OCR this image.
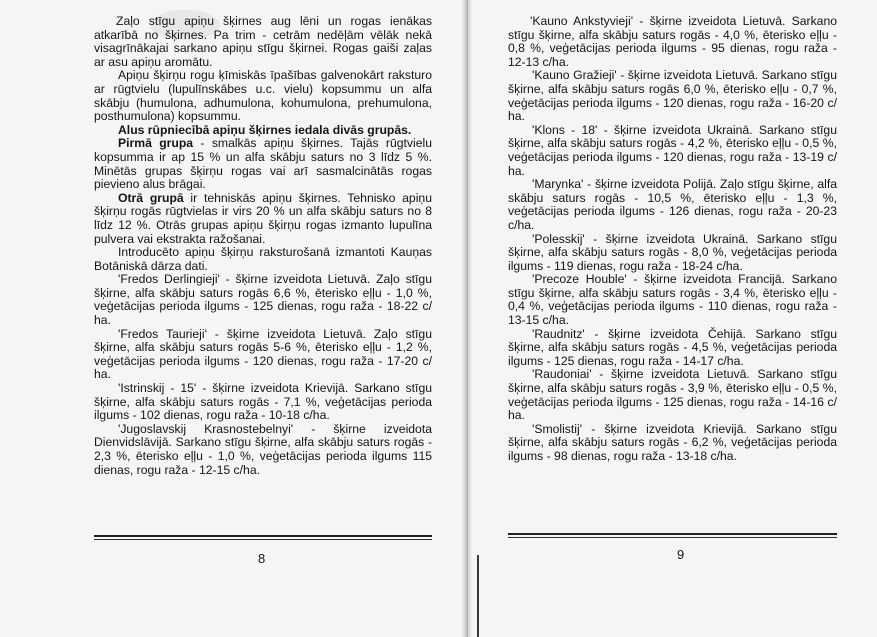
Zaļo stīgu apiņu šķirnes aug lēni un rogas ienākas atkarībā no šķirnes. Pa trim - cetrām nedēļām vēlāk nekā visagrīnākajai sarkano apiņu stīgu šķirnei. Rogas gaiši zaļas ar asu apiņu aromātu.

Apiņu šķirņu rogu ķīmiskās īpašības galvenokārt raksturo ar rūgtvielu (lupulīnskābes u.c. vielu) kopsummu un alfa skābju (humulona, adhumulona, kohumulona, prehumulona, posthumulona) kopsummu.

Alus rūpniecībā apiņu šķirnes iedala divās grupās.

Pirmā grupa - smalkās apiņu šķirnes. Tajās rūgtvielu kopsumma ir ap 15 % un alfa skābju saturs no 3 līdz 5 %. Minētās grupas šķirņu rogas vai arī sasmalcinātās rogas pievieno alus brāgai.

Otrā grupā ir tehniskās apiņu šķirnes. Tehnisko apiņu šķirņu rogās rūgtvielas ir virs 20 % un alfa skābju saturs no 8 līdz 12 %. Otrās grupas apiņu šķirņu rogas izmanto lupulīna pulvera vai ekstrakta ražošanai.

Introducēto apiņu šķirņu raksturošanā izmantoti Kauņas Botāniskā dārza dati.

'Fredos Derlingieji' - šķirne izveidota Lietuvā. Zaļo stīgu šķirne, alfa skābju saturs rogās 6,6 %, ēterisko eļļu - 1,0 %, veģetācijas perioda ilgums - 125 dienas, rogu raža - 18-22 c/ ha.

'Fredos Taurieji' - šķirne izveidota Lietuvā. Zaļo stīgu šķirne, alfa skābju saturs rogās 5-6 %, ēterisko eļļu - 1,2 %, veģetācijas perioda ilgums - 120 dienas, rogu raža - 17-20 c/ ha.

'Istrinskij - 15' - šķirne izveidota Krievijā. Sarkano stīgu šķirne, alfa skābju saturs rogās - 7,1 %, veģetācijas perioda ilgums - 102 dienas, rogu raža - 10-18 c/ha.

'Jugoslavskij Krasnostebelnyi' - šķirne izveidota Dienvidslāvijā. Sarkano stīgu šķirne, alfa skābju saturs rogās - 2,3 %, ēterisko eļļu - 1,0 %, veģetācijas perioda ilgums 115 dienas, rogu raža - 12-15 c/ha.

8

'Kauno Ankstyvieji' - šķirne izveidota Lietuvā. Sarkano stīgu šķirne, alfa skābju saturs rogās - 4,0 %, ēterisko eļļu - 0,8 %, veģetācijas perioda ilgums - 95 dienas, rogu raža - 12-13 c/ha.

'Kauno Gražieji' - šķirne izveidota Lietuvā. Sarkano stīgu šķirne, alfa skābju saturs rogās 6,0 %, ēterisko eļļu - 0,7 %, veģetācijas perioda ilgums - 120 dienas, rogu raža - 16-20 c/ ha.

'Klons - 18' - šķirne izveidota Ukrainā. Sarkano stīgu šķirne, alfa skābju saturs rogās - 4,2 %, ēterisko eļļu - 0,5 %, veģetācijas perioda ilgums - 120 dienas, rogu raža - 13-19 c/ ha.

'Marynka' - šķirne izveidota Polijā. Zaļo stīgu šķirne, alfa skābju saturs rogās - 10,5 %, ēterisko eļļu - 1,3 %, veģetācijas perioda ilgums - 126 dienas, rogu raža - 20-23 c/ha.

'Polesskij' - šķirne izveidota Ukrainā. Sarkano stīgu šķirne, alfa skābju saturs rogās - 8,0 %, veģetācijas perioda ilgums - 119 dienas, rogu raža - 18-24 c/ha.

'Precoze Houble' - šķirne izveidota Francijā. Sarkano stīgu šķirne, alfa skābju saturs rogās - 3,4 %, ēterisko eļļu - 0,4 %, veģetācijas perioda ilgums - 110 dienas, rogu raža - 13-15 c/ha.

'Raudnitz' - šķirne izveidota Čehijā. Sarkano stīgu šķirne, alfa skābju saturs rogās - 4,5 %, veģetācijas perioda ilgums - 125 dienas, rogu raža - 14-17 c/ha.

'Raudoniai' - šķirne izveidota Lietuvā. Sarkano stīgu šķirne, alfa skābju saturs rogās - 3,9 %, ēterisko eļļu - 0,5 %, veģetācijas perioda ilgums - 125 dienas, rogu raža - 14-16 c/ ha.

'Smolistij' - šķirne izveidota Krievijā. Sarkano stīgu šķirne, alfa skābju saturs rogās - 6,2 %, veģetācijas perioda ilgums - 98 dienas, rogu raža - 13-18 c/ha.

9
